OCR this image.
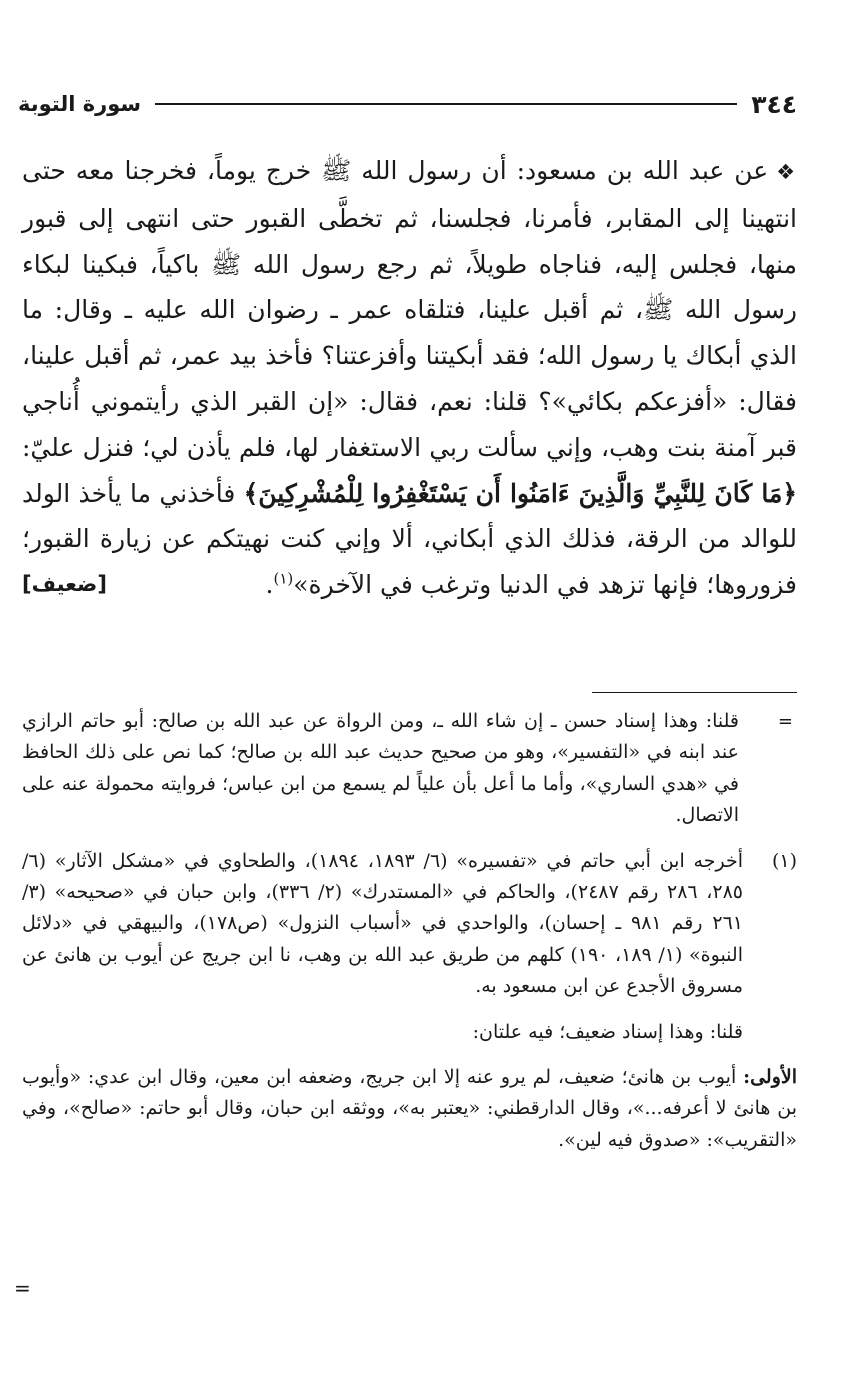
٣٤٤
سورة التوبة

❖عن عبد الله بن مسعود: أن رسول الله ﷺ خرج يوماً، فخرجنا معه حتى انتهينا إلى المقابر، فأمرنا، فجلسنا، ثم تخطَّى القبور حتى انتهى إلى قبور منها، فجلس إليه، فناجاه طويلاً، ثم رجع رسول الله ﷺ باكياً، فبكينا لبكاء رسول الله ﷺ، ثم أقبل علينا، فتلقاه عمر ـ رضوان الله عليه ـ وقال: ما الذي أبكاك يا رسول الله؛ فقد أبكيتنا وأفزعتنا؟ فأخذ بيد عمر، ثم أقبل علينا، فقال: «أفزعكم بكائي»؟ قلنا: نعم، فقال: «إن القبر الذي رأيتموني أُناجي قبر آمنة بنت وهب، وإني سألت ربي الاستغفار لها، فلم يأذن لي؛ فنزل عليّ: ﴿مَا كَانَ لِلنَّبِيِّ وَالَّذِينَ ءَامَنُوا أَن يَسْتَغْفِرُوا لِلْمُشْرِكِينَ﴾ فأخذني ما يأخذ الولد للوالد من الرقة، فذلك الذي أبكاني، ألا وإني كنت نهيتكم عن زيارة القبور؛ فزوروها؛ فإنها تزهد في الدنيا وترغب في الآخرة»$^{(١)}$.
[ضعيف]

=
قلنا: وهذا إسناد حسن ـ إن شاء الله ـ، ومن الرواة عن عبد الله بن صالح: أبو حاتم الرازي عند ابنه في «التفسير»، وهو من صحيح حديث عبد الله بن صالح؛ كما نص على ذلك الحافظ في «هدي الساري»، وأما ما أعل بأن علياً لم يسمع من ابن عباس؛ فروايته محمولة عنه على الاتصال.
(١)
أخرجه ابن أبي حاتم في «تفسيره» (٦/ ١٨٩٣، ١٨٩٤)، والطحاوي في «مشكل الآثار» (٦/ ٢٨٥، ٢٨٦ رقم ٢٤٨٧)، والحاكم في «المستدرك» (٢/ ٣٣٦)، وابن حبان في «صحيحه» (٣/ ٢٦١ رقم ٩٨١ ـ إحسان)، والواحدي في «أسباب النزول» (ص١٧٨)، والبيهقي في «دلائل النبوة» (١/ ١٨٩، ١٩٠) كلهم من طريق عبد الله بن وهب، نا ابن جريج عن أيوب بن هانئ عن مسروق الأجدع عن ابن مسعود به.
قلنا: وهذا إسناد ضعيف؛ فيه علتان:
الأولى: أيوب بن هانئ؛ ضعيف، لم يرو عنه إلا ابن جريج، وضعفه ابن معين، وقال ابن عدي: «وأيوب بن هانئ لا أعرفه...»، وقال الدارقطني: «يعتبر به»، ووثقه ابن حبان، وقال أبو حاتم: «صالح»، وفي «التقريب»: «صدوق فيه لين».
=
